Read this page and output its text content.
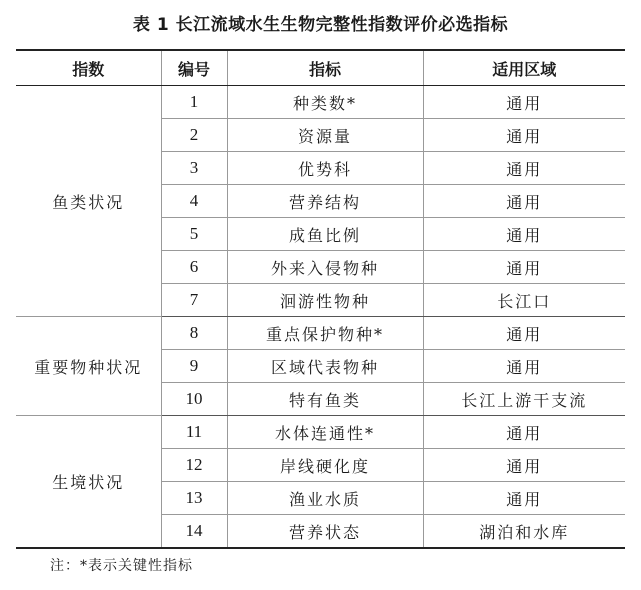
表 1 长江流域水生生物完整性指数评价必选指标
指数	编号	指标	适用区域
鱼类状况	1	种类数*	通用
	2	资源量	通用
	3	优势科	通用
	4	营养结构	通用
	5	成鱼比例	通用
	6	外来入侵物种	通用
	7	洄游性物种	长江口
重要物种状况	8	重点保护物种*	通用
	9	区域代表物种	通用
	10	特有鱼类	长江上游干支流
生境状况	11	水体连通性*	通用
	12	岸线硬化度	通用
	13	渔业水质	通用
	14	营养状态	湖泊和水库
注：*表示关键性指标
